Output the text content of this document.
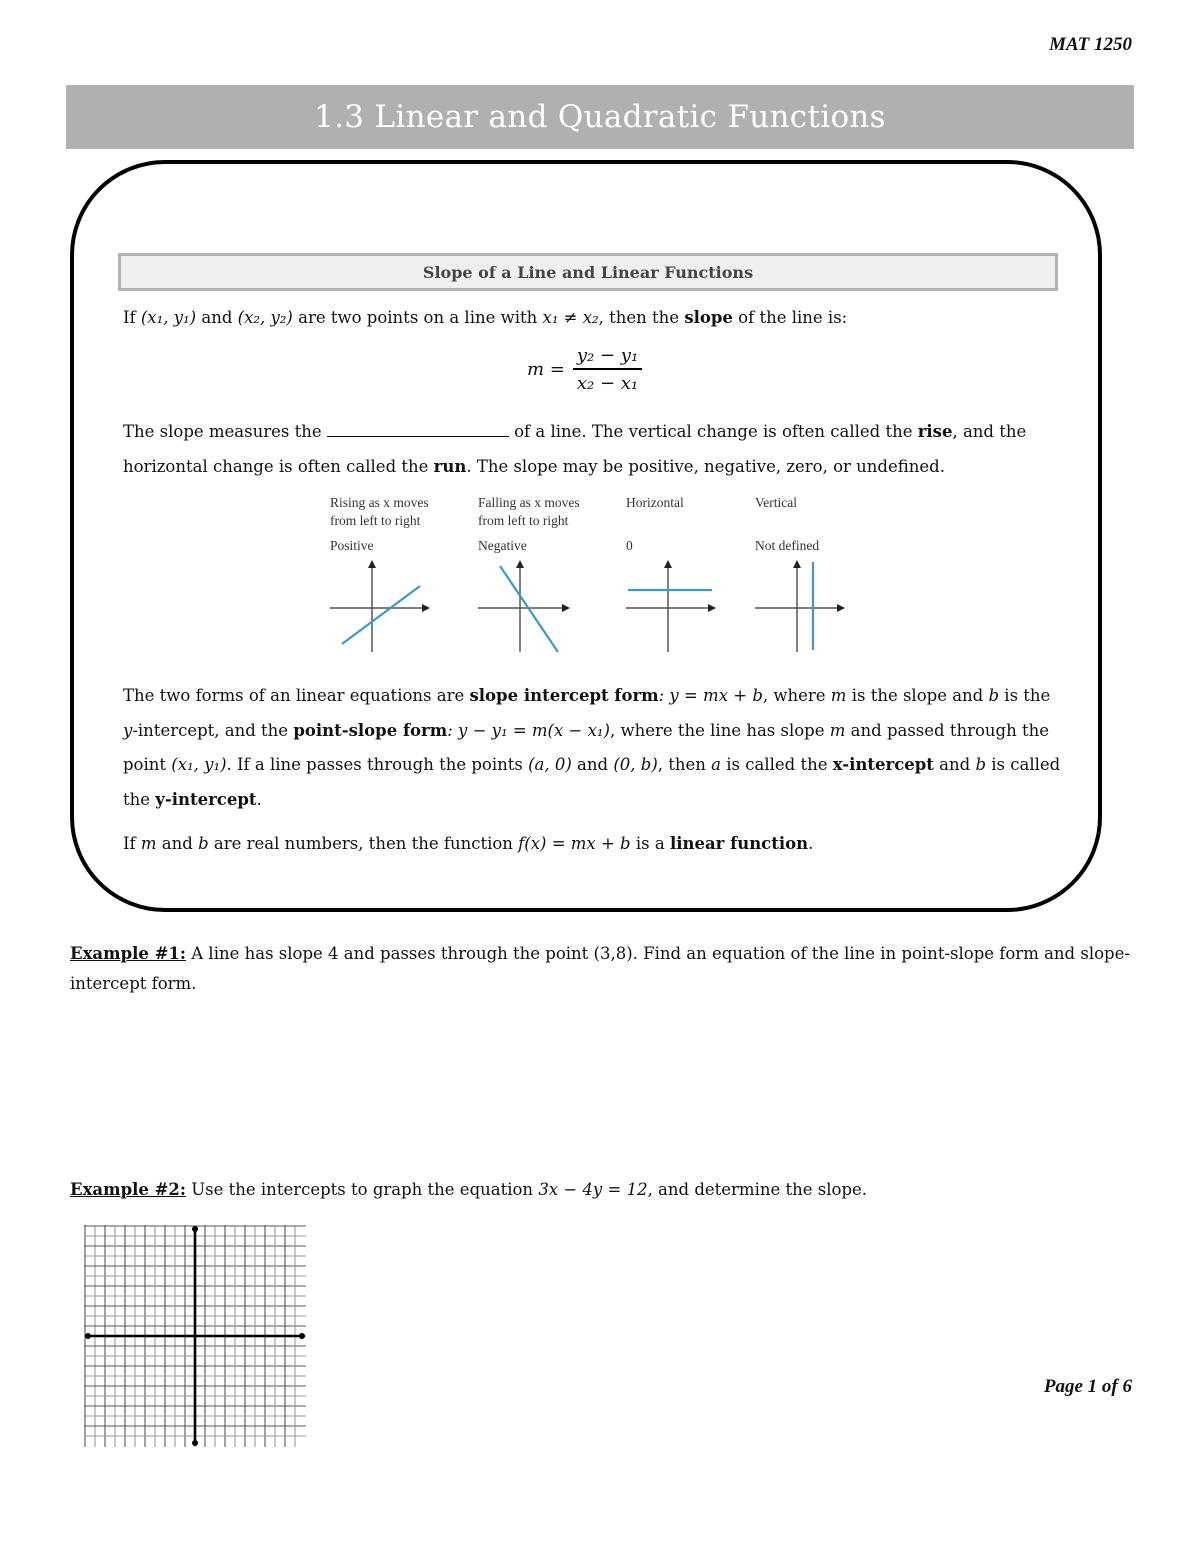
MAT 1250
1.3 Linear and Quadratic Functions
Slope of a Line and Linear Functions
If (x₁, y₁) and (x₂, y₂) are two points on a line with x₁ ≠ x₂, then the slope of the line is:
$m = \frac{\text{y₂ − y₁}}{\text{x₂ − x₁}}$
The slope measures the	of a line. The vertical change is often called the rise, and the horizontal change is often called the run. The slope may be positive, negative, zero, or undefined.
Rising as x moves
from left to right
Positive
Falling as x moves
from left to right
Negative
Horizontal
0
Vertical
Not defined
The two forms of an linear equations are slope intercept form: y = mx + b, where m is the slope and b is the y-intercept, and the point-slope form: y − y₁ = m(x − x₁), where the line has slope m and passed through the point (x₁, y₁). If a line passes through the points (a, 0) and (0, b), then a is called the x-intercept and b is called the y-intercept.
If m and b are real numbers, then the function f(x) = mx + b is a linear function.
Example #1: A line has slope 4 and passes through the point (3,8). Find an equation of the line in point-slope form and slope-intercept form.
Example #2: Use the intercepts to graph the equation 3x − 4y = 12, and determine the slope.
Page 1 of 6
